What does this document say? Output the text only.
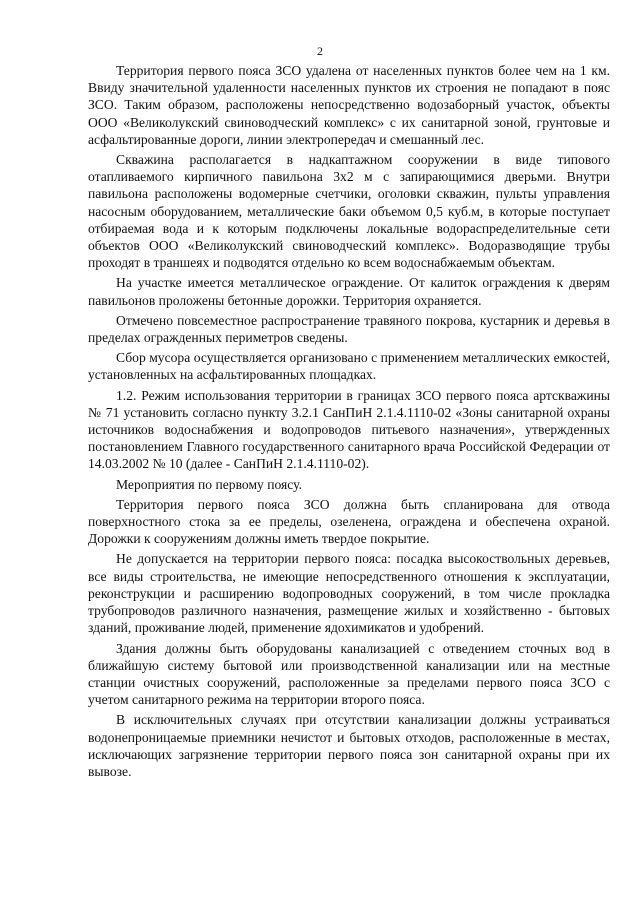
2

Территория первого пояса ЗСО удалена от населенных пунктов более чем на 1 км. Ввиду значительной удаленности населенных пунктов их строения не попадают в пояс ЗСО. Таким образом, расположены непосредственно водозаборный участок, объекты ООО «Великолукский свиноводческий комплекс» с их санитарной зоной, грунтовые и асфальтированные дороги, линии электропередач и смешанный лес.

Скважина располагается в надкаптажном сооружении в виде типового отапливаемого кирпичного павильона 3х2 м с запирающимися дверьми. Внутри павильона расположены водомерные счетчики, оголовки скважин, пульты управления насосным оборудованием, металлические баки объемом 0,5 куб.м, в которые поступает отбираемая вода и к которым подключены локальные водораспределительные сети объектов ООО «Великолукский свиноводческий комплекс». Водоразводящие трубы проходят в траншеях и подводятся отдельно ко всем водоснабжаемым объектам.

На участке имеется металлическое ограждение. От калиток ограждения к дверям павильонов проложены бетонные дорожки. Территория охраняется.

Отмечено повсеместное распространение травяного покрова, кустарник и деревья в пределах огражденных периметров сведены.

Сбор мусора осуществляется организовано с применением металлических емкостей, установленных на асфальтированных площадках.

1.2. Режим использования территории в границах ЗСО первого пояса артскважины № 71 установить согласно пункту 3.2.1 СанПиН 2.1.4.1110-02 «Зоны санитарной охраны источников водоснабжения и водопроводов питьевого назначения», утвержденных постановлением Главного государственного санитарного врача Российской Федерации от 14.03.2002 № 10 (далее - СанПиН 2.1.4.1110-02).

Мероприятия по первому поясу.

Территория первого пояса ЗСО должна быть спланирована для отвода поверхностного стока за ее пределы, озеленена, ограждена и обеспечена охраной. Дорожки к сооружениям должны иметь твердое покрытие.

Не допускается на территории первого пояса: посадка высокоствольных деревьев, все виды строительства, не имеющие непосредственного отношения к эксплуатации, реконструкции и расширению водопроводных сооружений, в том числе прокладка трубопроводов различного назначения, размещение жилых и хозяйственно - бытовых зданий, проживание людей, применение ядохимикатов и удобрений.

Здания должны быть оборудованы канализацией с отведением сточных вод в ближайшую систему бытовой или производственной канализации или на местные станции очистных сооружений, расположенные за пределами первого пояса ЗСО с учетом санитарного режима на территории второго пояса.

В исключительных случаях при отсутствии канализации должны устраиваться водонепроницаемые приемники нечистот и бытовых отходов, расположенные в местах, исключающих загрязнение территории первого пояса зон санитарной охраны при их вывозе.
